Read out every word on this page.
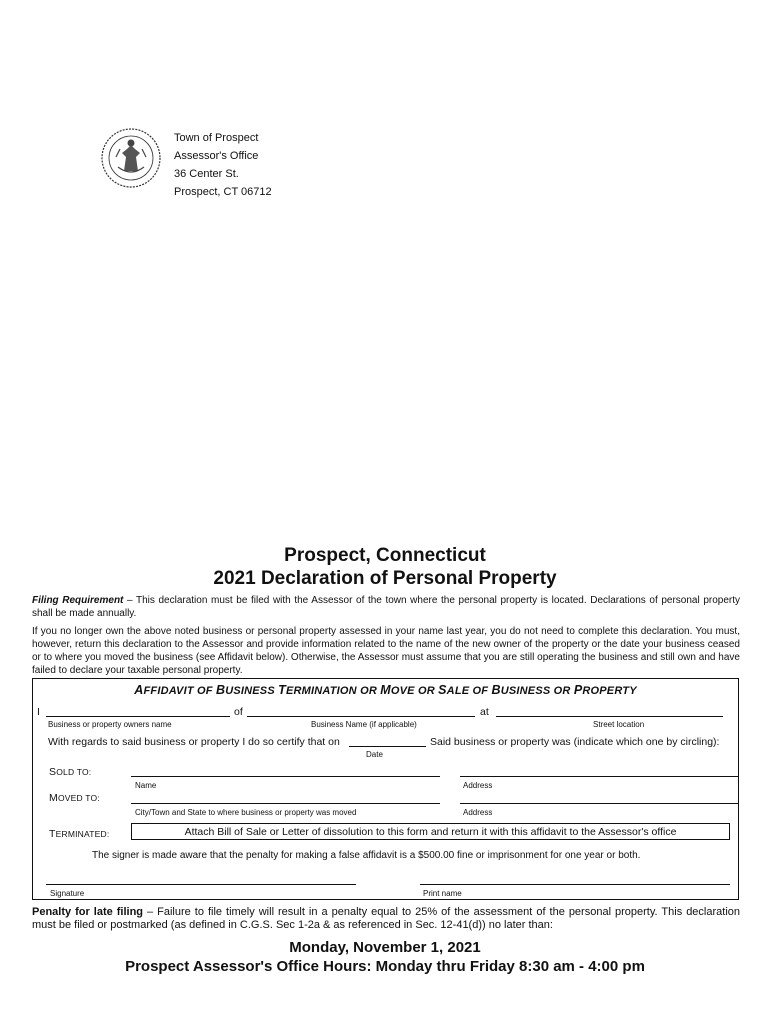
Town of Prospect
Assessor's Office
36 Center St.
Prospect, CT 06712
Prospect, Connecticut
2021 Declaration of Personal Property
Filing Requirement – This declaration must be filed with the Assessor of the town where the personal property is located. Declarations of personal property shall be made annually.
If you no longer own the above noted business or personal property assessed in your name last year, you do not need to complete this declaration. You must, however, return this declaration to the Assessor and provide information related to the name of the new owner of the property or the date your business ceased or to where you moved the business (see Affidavit below). Otherwise, the Assessor must assume that you are still operating the business and still own and have failed to declare your taxable personal property.
AFFIDAVIT OF BUSINESS TERMINATION OR MOVE OR SALE OF BUSINESS OR PROPERTY
I	of	at
Business or property owners name	Business Name (if applicable)	Street location
With regards to said business or property I do so certify that on	Said business or property was (indicate which one by circling):
Date
SOLD TO:
Name	Address
MOVED TO:
City/Town and State to where business or property was moved	Address
TERMINATED:	Attach Bill of Sale or Letter of dissolution to this form and return it with this affidavit to the Assessor's office
The signer is made aware that the penalty for making a false affidavit is a $500.00 fine or imprisonment for one year or both.
Signature	Print name
Penalty for late filing – Failure to file timely will result in a penalty equal to 25% of the assessment of the personal property. This declaration must be filed or postmarked (as defined in C.G.S. Sec 1-2a & as referenced in Sec. 12-41(d)) no later than:
Monday, November 1, 2021
Prospect Assessor's Office Hours: Monday thru Friday 8:30 am - 4:00 pm
